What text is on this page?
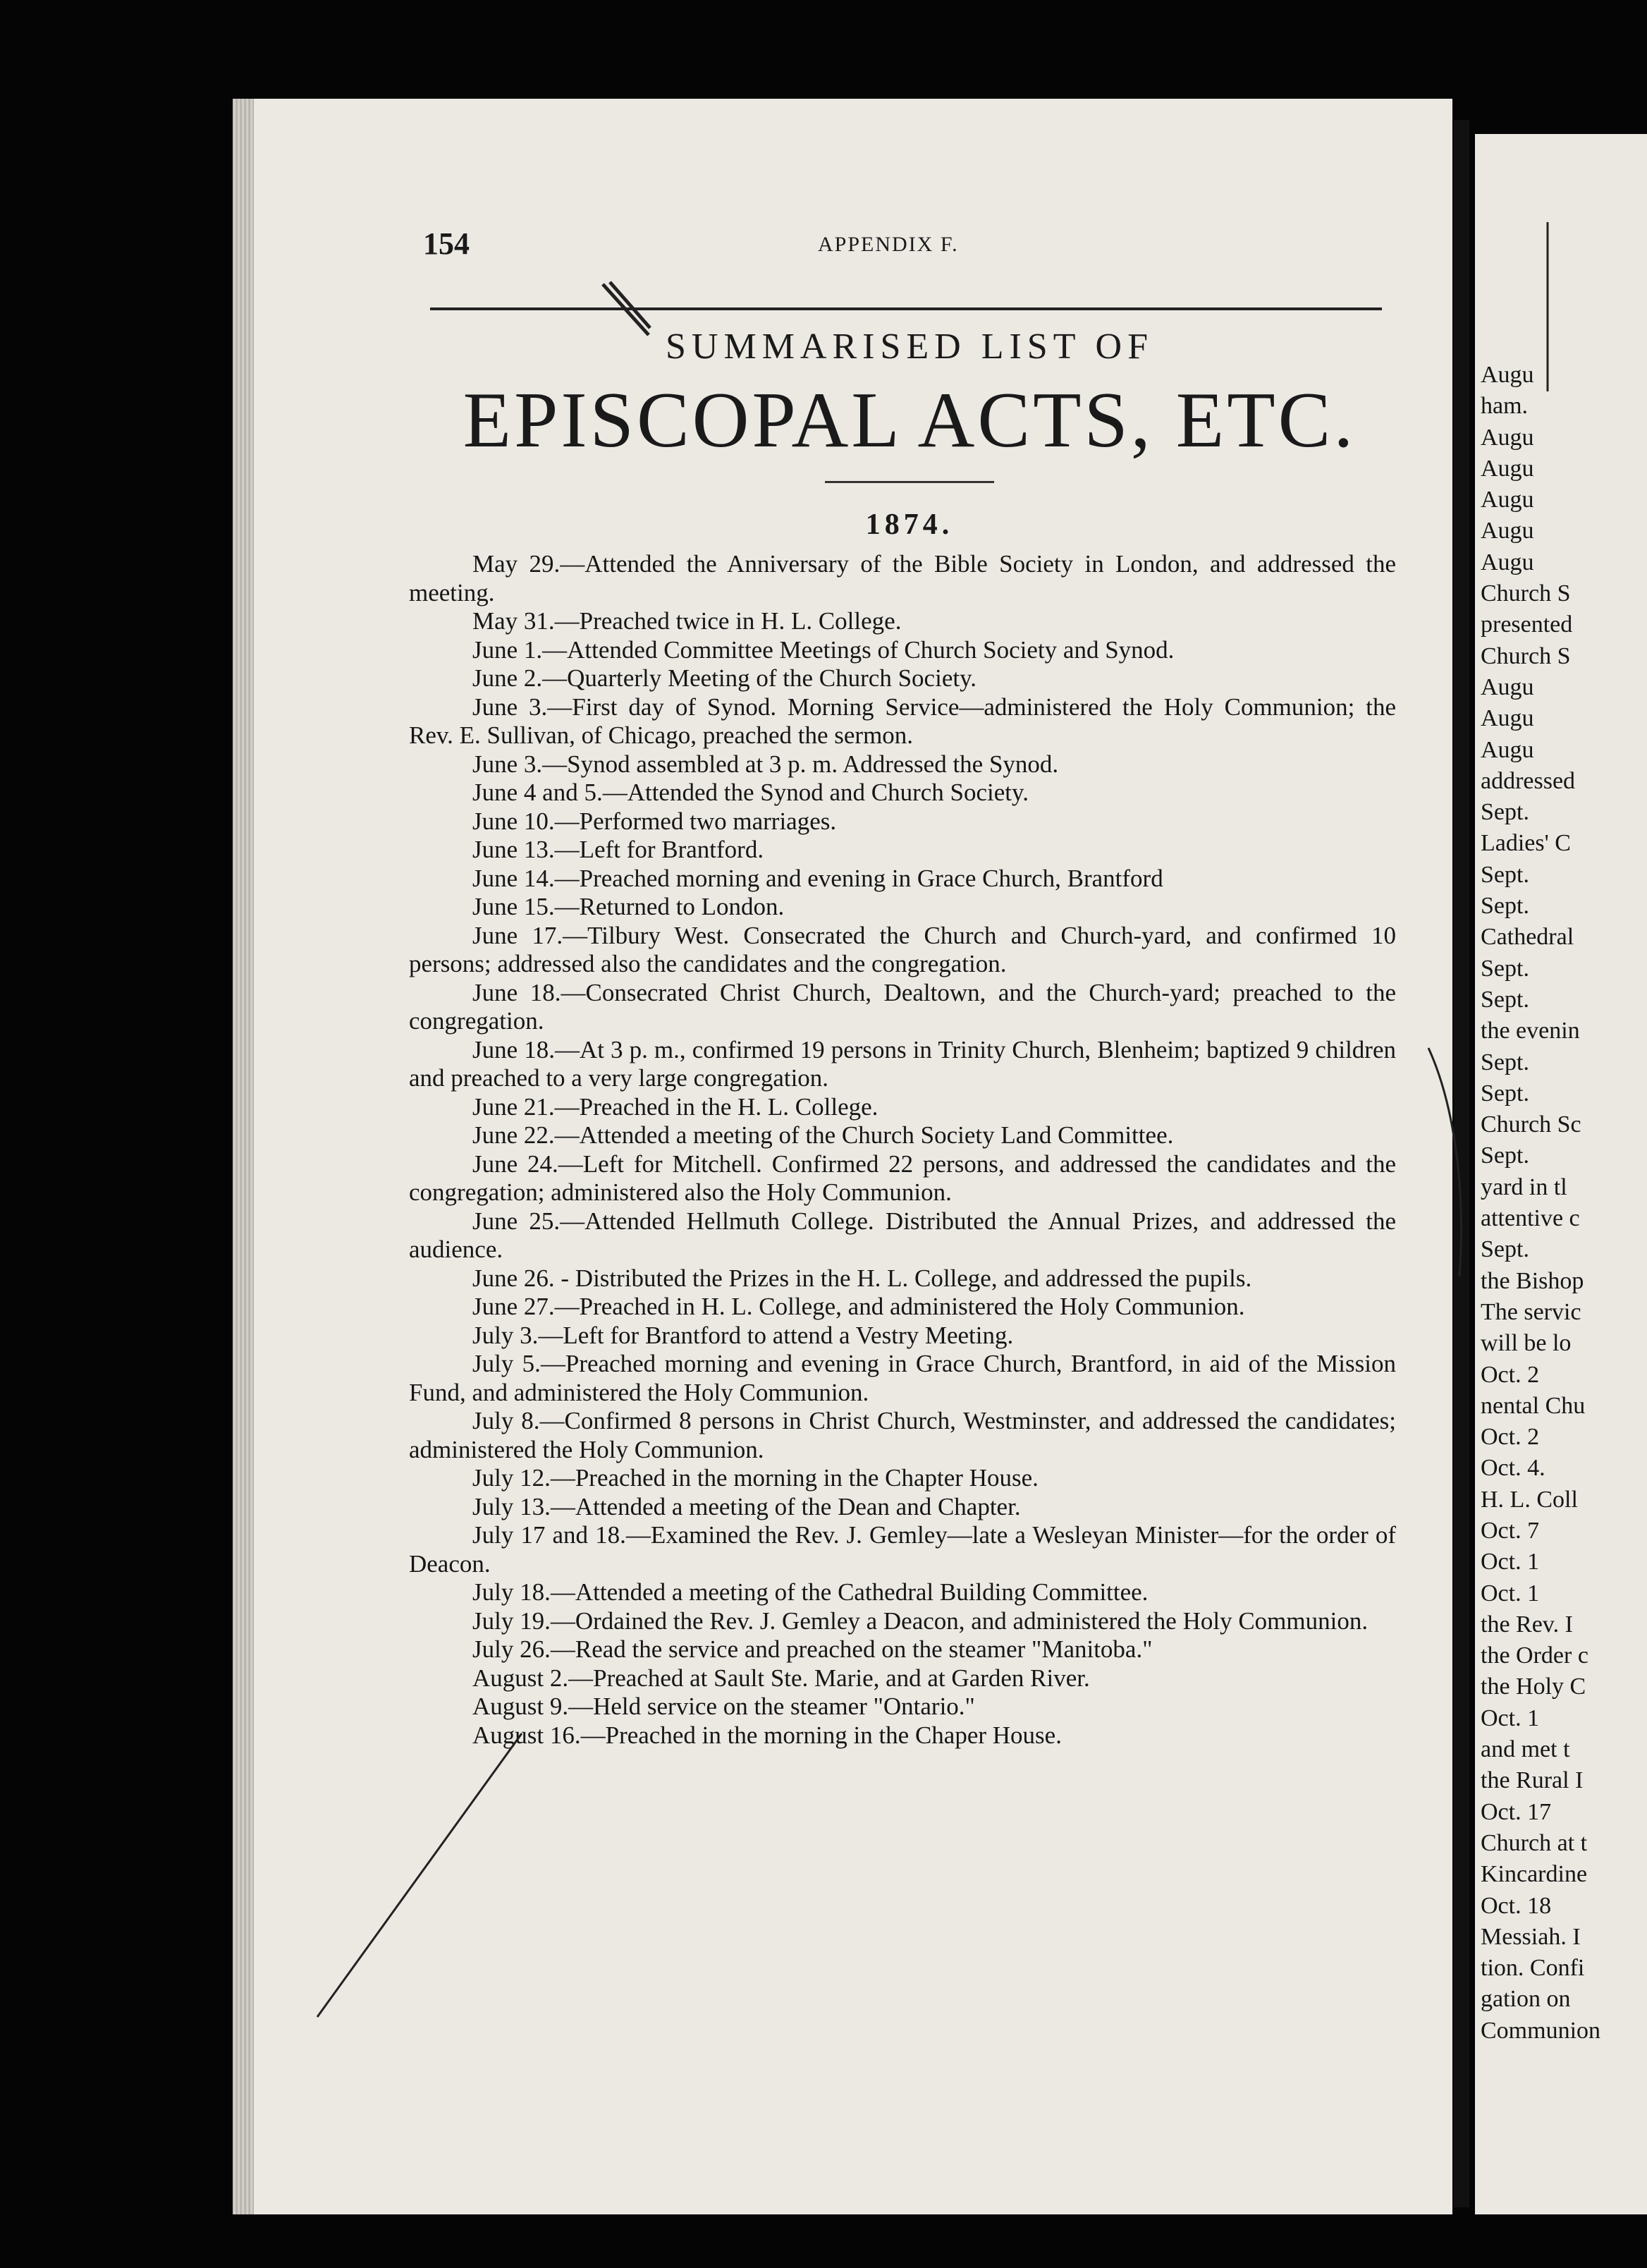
154	APPENDIX F.
SUMMARISED LIST OF
EPISCOPAL ACTS, ETC.
1874.

May 29.—Attended the Anniversary of the Bible Society in London, and addressed the meeting.

May 31.—Preached twice in H. L. College.

June 1.—Attended Committee Meetings of Church Society and Synod.

June 2.—Quarterly Meeting of the Church Society.

June 3.—First day of Synod. Morning Service—administered the Holy Communion; the Rev. E. Sullivan, of Chicago, preached the sermon.

June 3.—Synod assembled at 3 p. m. Addressed the Synod.

June 4 and 5.—Attended the Synod and Church Society.

June 10.—Performed two marriages.

June 13.—Left for Brantford.

June 14.—Preached morning and evening in Grace Church, Brantford

June 15.—Returned to London.

June 17.—Tilbury West. Consecrated the Church and Church-yard, and confirmed 10 persons; addressed also the candidates and the congregation.

June 18.—Consecrated Christ Church, Dealtown, and the Church-yard; preached to the congregation.

June 18.—At 3 p. m., confirmed 19 persons in Trinity Church, Blenheim; baptized 9 children and preached to a very large congregation.

June 21.—Preached in the H. L. College.

June 22.—Attended a meeting of the Church Society Land Committee.

June 24.—Left for Mitchell. Confirmed 22 persons, and addressed the candidates and the congregation; administered also the Holy Communion.

June 25.—Attended Hellmuth College. Distributed the Annual Prizes, and addressed the audience.

June 26. - Distributed the Prizes in the H. L. College, and addressed the pupils.

June 27.—Preached in H. L. College, and administered the Holy Communion.

July 3.—Left for Brantford to attend a Vestry Meeting.

July 5.—Preached morning and evening in Grace Church, Brantford, in aid of the Mission Fund, and administered the Holy Communion.

July 8.—Confirmed 8 persons in Christ Church, Westminster, and addressed the candidates; administered the Holy Communion.

July 12.—Preached in the morning in the Chapter House.

July 13.—Attended a meeting of the Dean and Chapter.

July 17 and 18.—Examined the Rev. J. Gemley—late a Wesleyan Minister—for the order of Deacon.

July 18.—Attended a meeting of the Cathedral Building Committee.

July 19.—Ordained the Rev. J. Gemley a Deacon, and administered the Holy Communion.

July 26.—Read the service and preached on the steamer "Manitoba."

August 2.—Preached at Sault Ste. Marie, and at Garden River.

August 9.—Held service on the steamer "Ontario."

August 16.—Preached in the morning in the Chaper House.

Augu
ham.
Augu
Augu
Augu
Augu
Augu
Church S
presented
Church S
Augu
Augu
Augu
addressed
Sept.
Ladies' C
Sept.
Sept.
Cathedral
Sept.
Sept.
the evenin
Sept.
Sept.
Church Sc
Sept.
yard in tl
attentive c
Sept.
the Bishop
The servic
will be lo
Oct. 2
nental Chu
Oct. 2
Oct. 4.
H. L. Coll
Oct. 7
Oct. 1
Oct. 1
the Rev. I
the Order c
the Holy C
Oct. 1
and met t
the Rural I
Oct. 17
Church at t
Kincardine
Oct. 18
Messiah. I
tion. Confi
gation on
Communion
